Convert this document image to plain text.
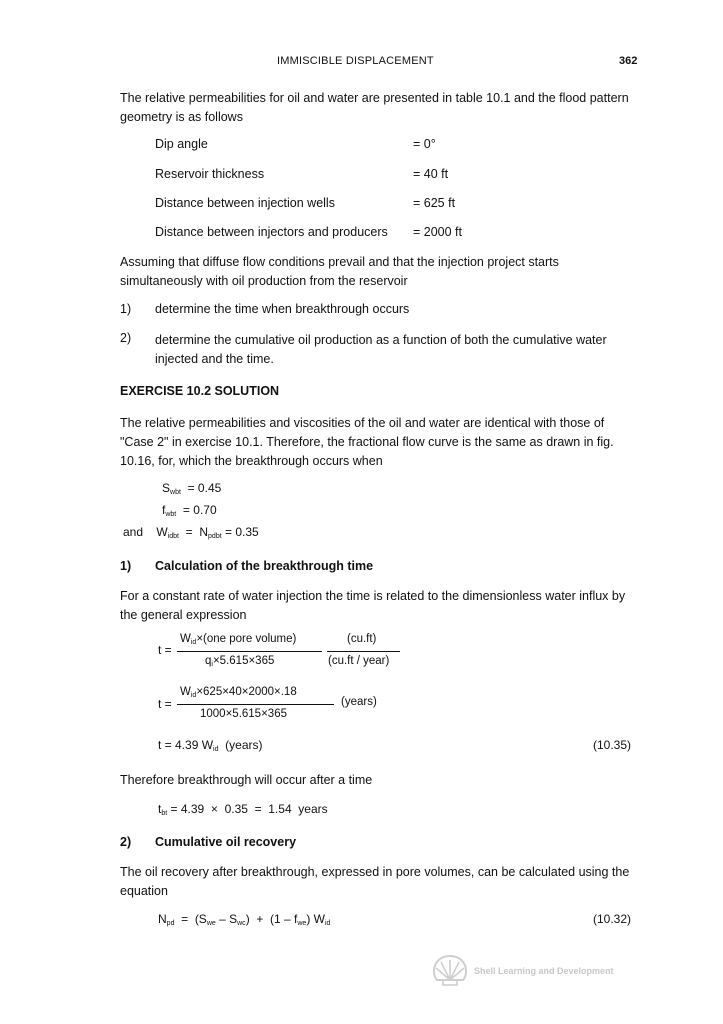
IMMISCIBLE DISPLACEMENT	362

The relative permeabilities for oil and water are presented in table 10.1 and the flood pattern geometry is as follows

Dip angle	= 0°
Reservoir thickness	= 40 ft
Distance between injection wells	= 625 ft
Distance between injectors and producers = 2000 ft

Assuming that diffuse flow conditions prevail and that the injection project starts simultaneously with oil production from the reservoir

1) determine the time when breakthrough occurs
2) determine the cumulative oil production as a function of both the cumulative water injected and the time.

EXERCISE 10.2 SOLUTION

The relative permeabilities and viscosities of the oil and water are identical with those of "Case 2" in exercise 10.1. Therefore, the fractional flow curve is the same as drawn in fig. 10.16, for, which the breakthrough occurs when

$S_{wbt} = 0.45$
$f_{wbt} = 0.70$
and $W_{idbt} = N_{pdbt} = 0.35$
1) Calculation of the breakthrough time

For a constant rate of water injection the time is related to the dimensionless water influx by the general expression

t =
$W_{id}\times(one$ pore volume)
$q_i\times 5.615\times 365$
(cu.ft)
(cu.ft / year)
t =
$W_{id}\times 625\times 40\times 2000\times.18$
1000×5.615×365
(years)
t = 4.39 $W_{id}$  (years)	(10.35)
Therefore breakthrough will occur after a time
$t_{bt} = 4.39 \times 0.35 = 1.54$  years
2) Cumulative oil recovery

The oil recovery after breakthrough, expressed in pore volumes, can be calculated using the equation

$N_{pd} = (S_{we} - S_{wc}) + (1 - f_{we})$ $W_{id}$	(10.32)
Shell Learning and Development
